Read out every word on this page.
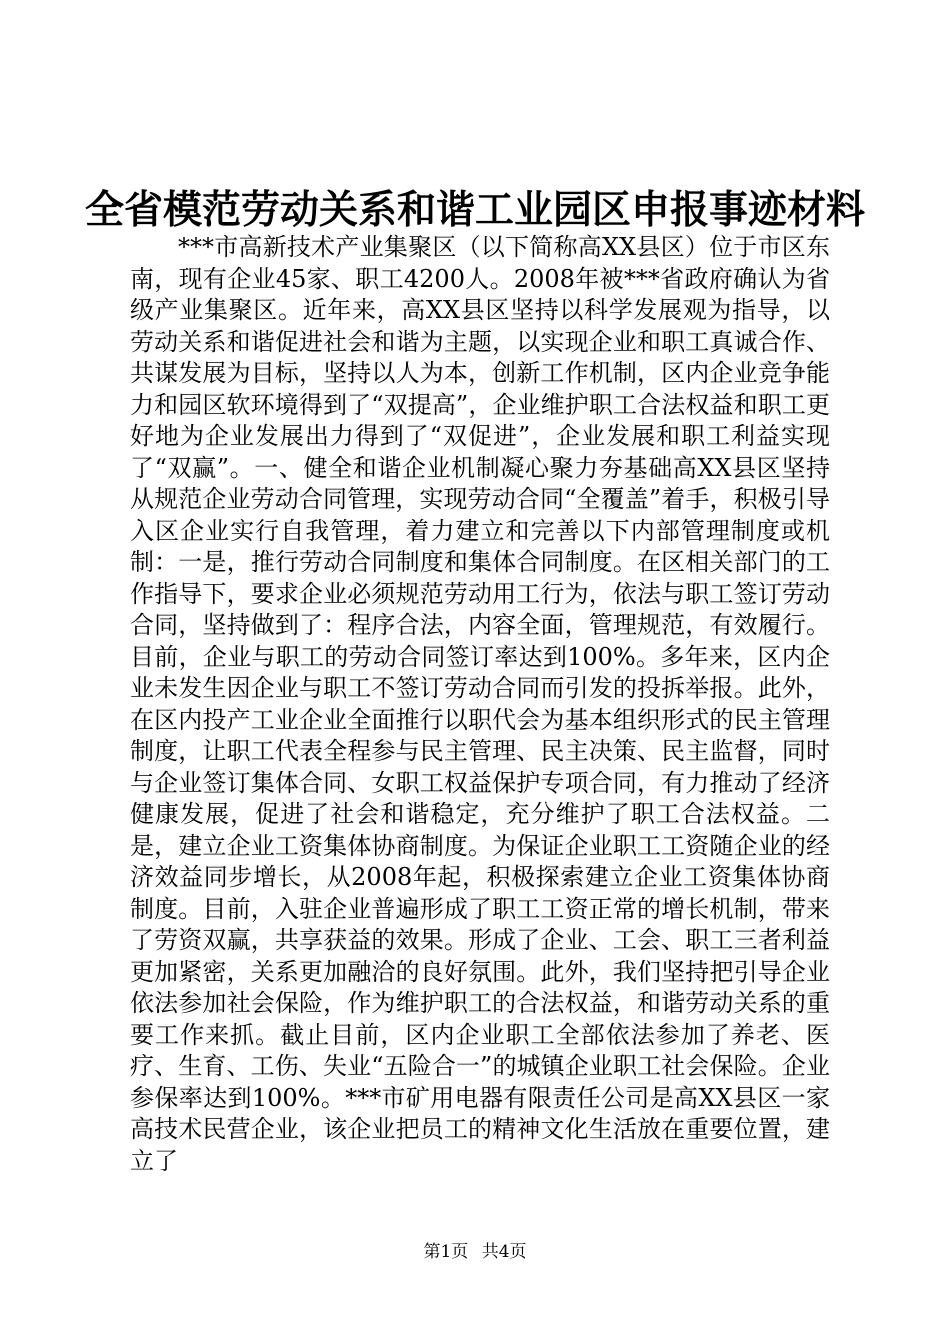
全省模范劳动关系和谐工业园区申报事迹材料

***市高新技术产业集聚区（以下简称高XX县区）位于市区东南，现有企业45家、职工4200人。2008年被***省政府确认为省级产业集聚区。近年来，高XX县区坚持以科学发展观为指导，以劳动关系和谐促进社会和谐为主题，以实现企业和职工真诚合作、共谋发展为目标，坚持以人为本，创新工作机制，区内企业竞争能力和园区软环境得到了“双提高”，企业维护职工合法权益和职工更好地为企业发展出力得到了“双促进”，企业发展和职工利益实现了“双赢”。一、健全和谐企业机制凝心聚力夯基础高XX县区坚持从规范企业劳动合同管理，实现劳动合同“全覆盖”着手，积极引导入区企业实行自我管理，着力建立和完善以下内部管理制度或机制：一是，推行劳动合同制度和集体合同制度。在区相关部门的工作指导下，要求企业必须规范劳动用工行为，依法与职工签订劳动合同，坚持做到了：程序合法，内容全面，管理规范，有效履行。目前，企业与职工的劳动合同签订率达到100%。多年来，区内企业未发生因企业与职工不签订劳动合同而引发的投拆举报。此外，在区内投产工业企业全面推行以职代会为基本组织形式的民主管理制度，让职工代表全程参与民主管理、民主决策、民主监督，同时与企业签订集体合同、女职工权益保护专项合同，有力推动了经济健康发展，促进了社会和谐稳定，充分维护了职工合法权益。二是，建立企业工资集体协商制度。为保证企业职工工资随企业的经济效益同步增长，从2008年起，积极探索建立企业工资集体协商制度。目前，入驻企业普遍形成了职工工资正常的增长机制，带来了劳资双赢，共享获益的效果。形成了企业、工会、职工三者利益更加紧密，关系更加融洽的良好氛围。此外，我们坚持把引导企业依法参加社会保险，作为维护职工的合法权益，和谐劳动关系的重要工作来抓。截止目前，区内企业职工全部依法参加了养老、医疗、生育、工伤、失业“五险合一”的城镇企业职工社会保险。企业参保率达到100%。***市矿用电器有限责任公司是高XX县区一家高技术民营企业，该企业把员工的精神文化生活放在重要位置，建立了

第1页 共4页
